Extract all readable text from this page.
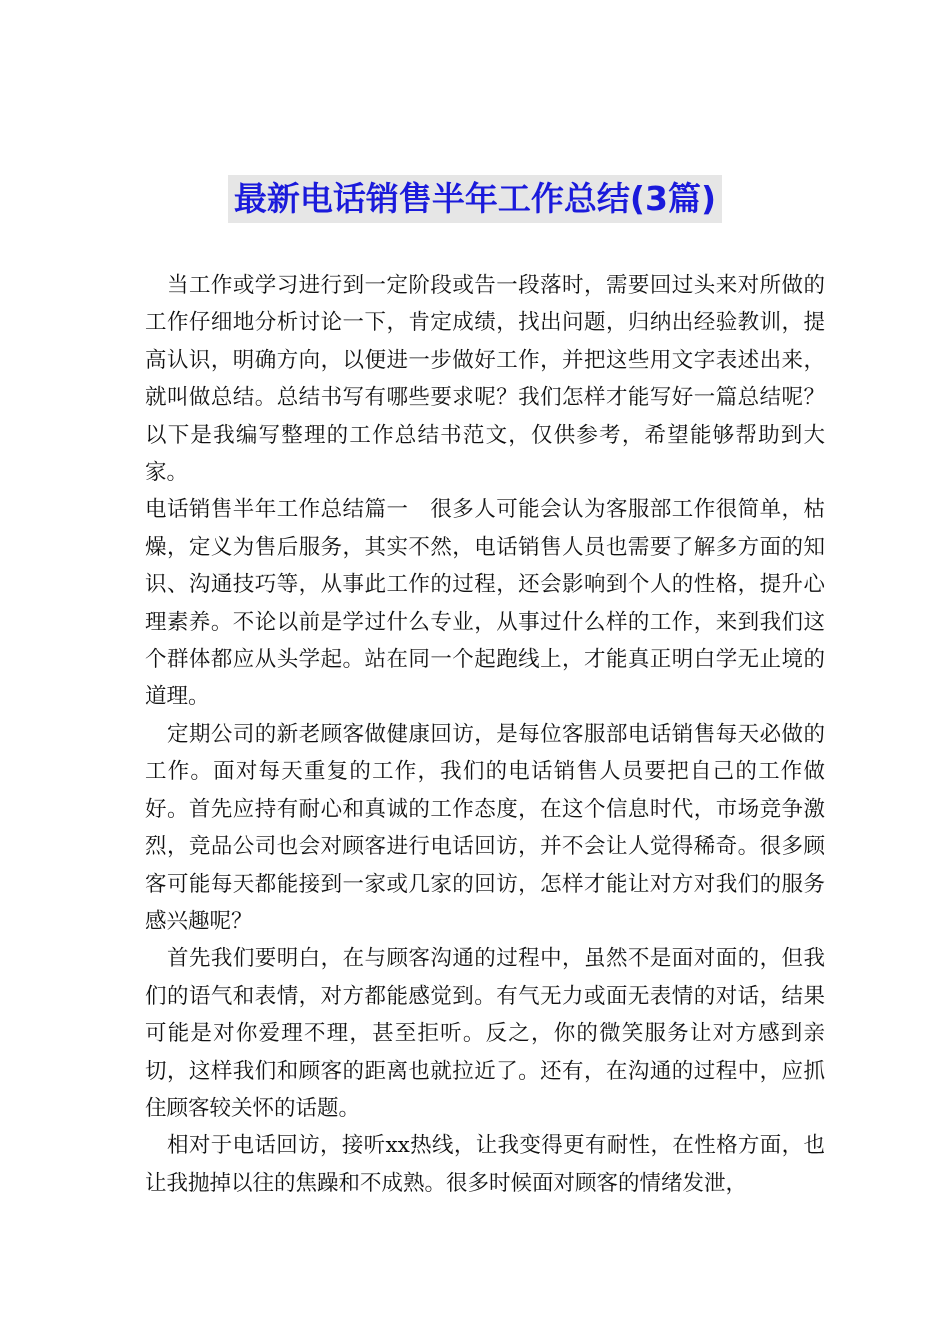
最新电话销售半年工作总结(3篇)

当工作或学习进行到一定阶段或告一段落时，需要回过头来对所做的工作仔细地分析讨论一下，肯定成绩，找出问题，归纳出经验教训，提高认识，明确方向，以便进一步做好工作，并把这些用文字表述出来，就叫做总结。总结书写有哪些要求呢？我们怎样才能写好一篇总结呢？以下是我编写整理的工作总结书范文，仅供参考，希望能够帮助到大家。

电话销售半年工作总结篇一　很多人可能会认为客服部工作很简单，枯燥，定义为售后服务，其实不然，电话销售人员也需要了解多方面的知识、沟通技巧等，从事此工作的过程，还会影响到个人的性格，提升心理素养。不论以前是学过什么专业，从事过什么样的工作，来到我们这个群体都应从头学起。站在同一个起跑线上，才能真正明白学无止境的道理。

定期公司的新老顾客做健康回访，是每位客服部电话销售每天必做的工作。面对每天重复的工作，我们的电话销售人员要把自己的工作做好。首先应持有耐心和真诚的工作态度，在这个信息时代，市场竞争激烈，竞品公司也会对顾客进行电话回访，并不会让人觉得稀奇。很多顾客可能每天都能接到一家或几家的回访，怎样才能让对方对我们的服务感兴趣呢？

首先我们要明白，在与顾客沟通的过程中，虽然不是面对面的，但我们的语气和表情，对方都能感觉到。有气无力或面无表情的对话，结果可能是对你爱理不理，甚至拒听。反之，你的微笑服务让对方感到亲切，这样我们和顾客的距离也就拉近了。还有，在沟通的过程中，应抓住顾客较关怀的话题。

相对于电话回访，接听xx热线，让我变得更有耐性，在性格方面，也让我抛掉以往的焦躁和不成熟。很多时候面对顾客的情绪发泄，
